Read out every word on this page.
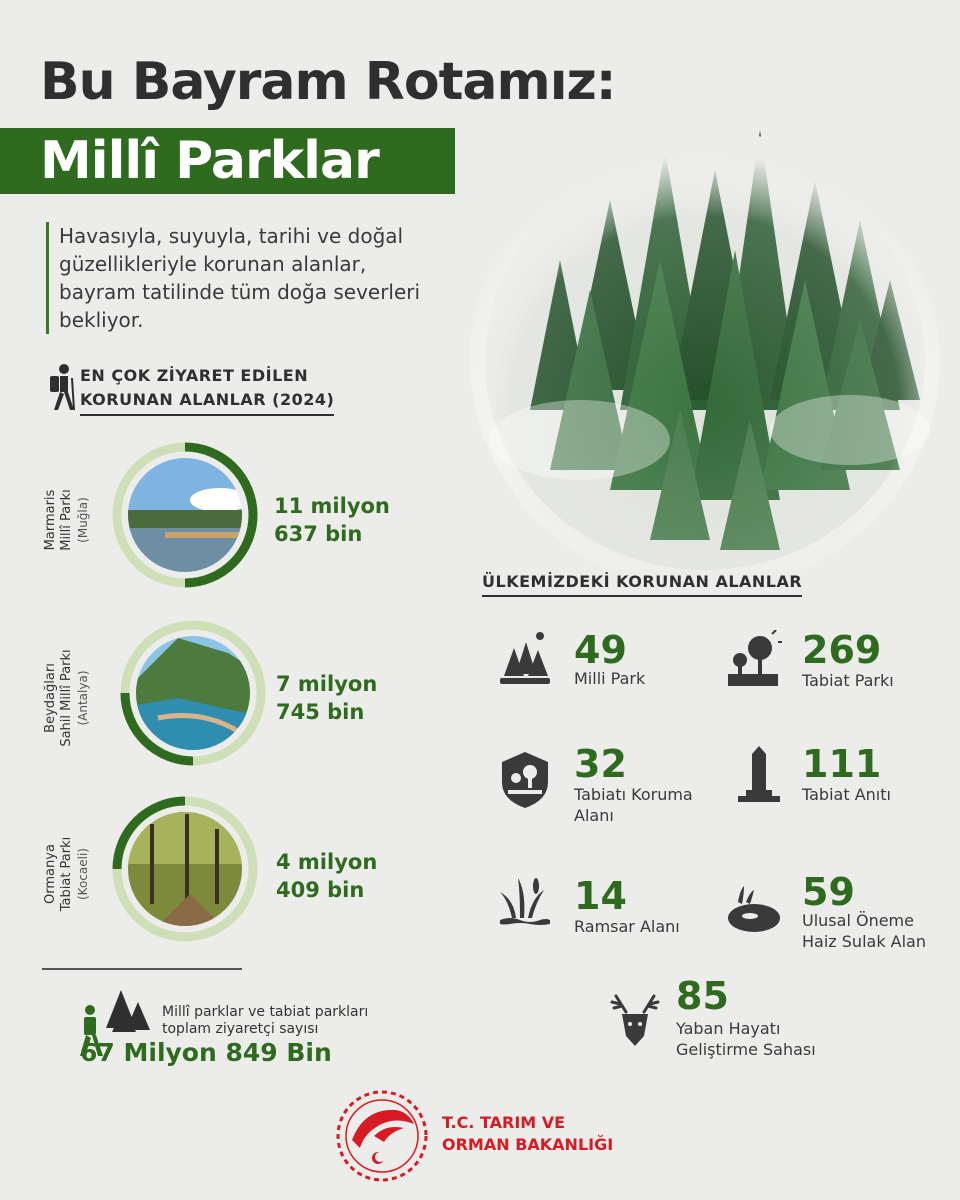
Bu Bayram Rotamız:
Millî Parklar
Havasıyla, suyuyla, tarihi ve doğal
güzellikleriyle korunan alanlar,
bayram tatilinde tüm doğa severleri
bekliyor.
EN ÇOK ZİYARET EDİLEN
KORUNAN ALANLAR (2024)
Marmaris Millî Parkı (Muğla)	11 milyon
637 bin
Beydağları Sahil Millî Parkı (Antalya)	7 milyon
745 bin
Ormanya Tabiat Parkı (Kocaeli)	4 milyon
409 bin
Millî parklar ve tabiat parkları
toplam ziyaretçi sayısı
67 Milyon 849 Bin
ÜLKEMİZDEKİ KORUNAN ALANLAR
49
Milli Park
269
Tabiat Parkı
32
Tabiatı Koruma
Alanı
111
Tabiat Anıtı
14
Ramsar Alanı
59
Ulusal Öneme
Haiz Sulak Alan
85
Yaban Hayatı
Geliştirme Sahası
T.C. TARIM VE
ORMAN BAKANLIĞI
